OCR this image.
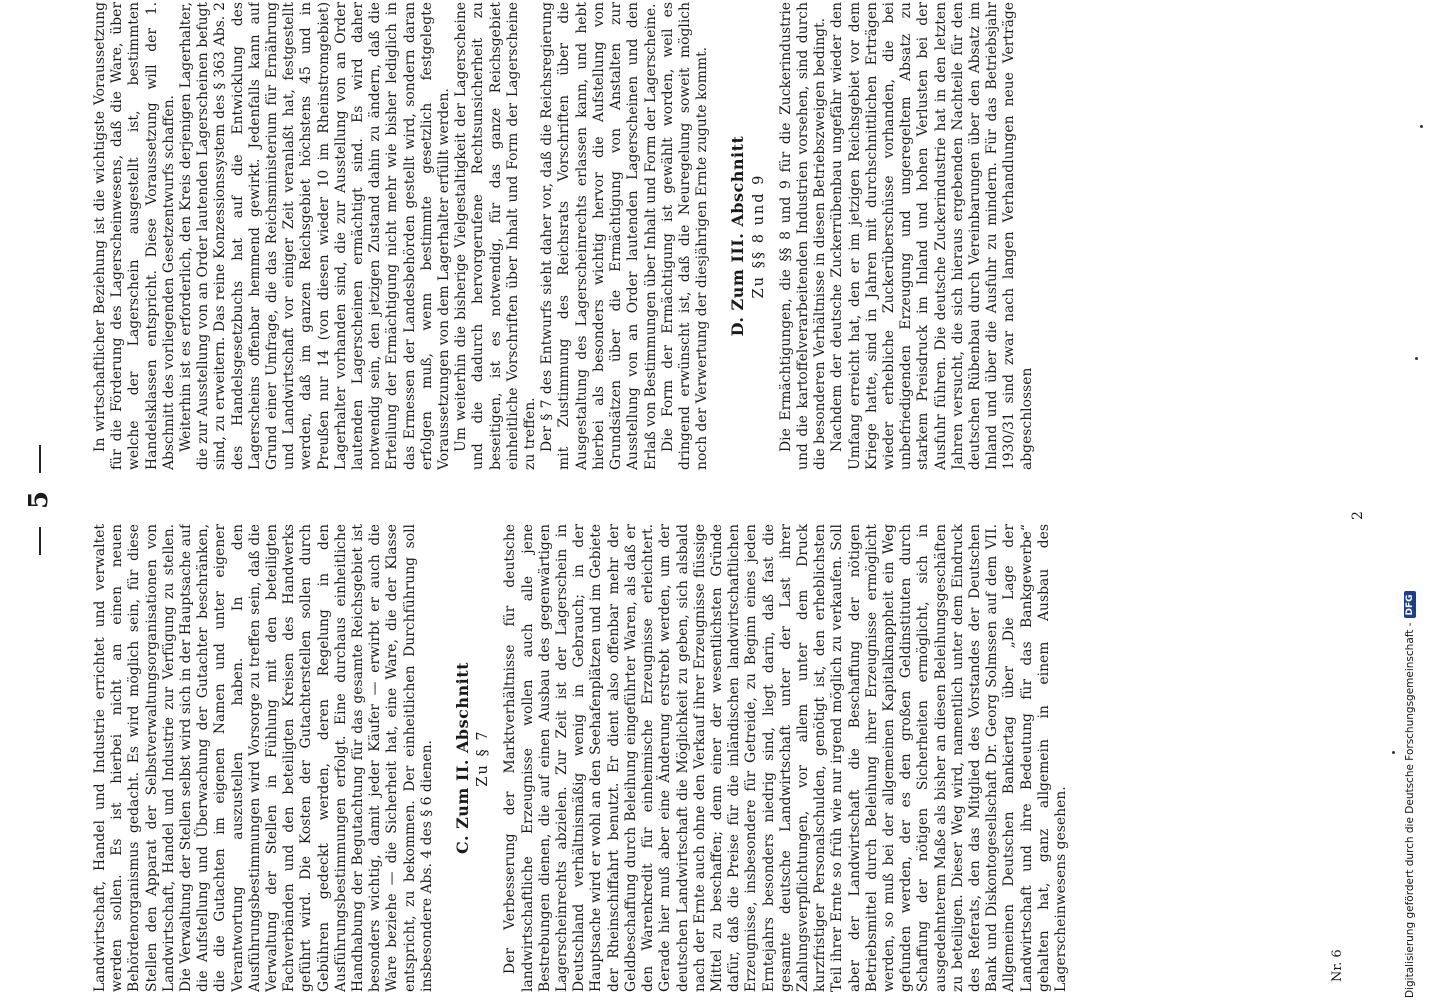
5

Landwirtschaft, Handel und Industrie errichtet und verwaltet werden sollen. Es ist hierbei nicht an einen neuen Behördenorganismus gedacht. Es wird möglich sein, für diese Stellen den Apparat der Selbstverwaltungsorganisationen von Landwirtschaft, Handel und Industrie zur Verfügung zu stellen. Die Verwaltung der Stellen selbst wird sich in der Hauptsache auf die Aufstellung und Überwachung der Gutachter beschränken, die die Gutachten im eigenen Namen und unter eigener Verantwortung auszustellen haben. In den Ausführungsbestimmungen wird Vorsorge zu treffen sein, daß die Verwaltung der Stellen in Fühlung mit den beteiligten Fachverbänden und den beteiligten Kreisen des Handwerks geführt wird. Die Kosten der Gutachterstellen sollen durch Gebühren gedeckt werden, deren Regelung in den Ausführungsbestimmungen erfolgt. Eine durchaus einheitliche Handhabung der Begutachtung für das gesamte Reichsgebiet ist besonders wichtig, damit jeder Käufer — erwirbt er auch die Ware beziehe — die Sicherheit hat, eine Ware, die der Klasse entspricht, zu bekommen. Der einheitlichen Durchführung soll insbesondere Abs. 4 des § 6 dienen. C. Zum II. Abschnitt Zu § 7 Der Verbesserung der Marktverhältnisse für deutsche landwirtschaftliche Erzeugnisse wollen auch alle jene Bestrebungen dienen, die auf einen Ausbau des gegenwärtigen Lagerscheinrechts abzielen. Zur Zeit ist der Lagerschein in Deutschland verhältnismäßig wenig in Gebrauch; in der Hauptsache wird er wohl an den Seehafenplätzen und im Gebiete der Rheinschiffahrt benutzt. Er dient also offenbar mehr der Geldbeschaffung durch Beleihung eingeführter Waren, als daß er den Warenkredit für einheimische Erzeugnisse erleichtert. Gerade hier muß aber eine Änderung erstrebt werden, um der deutschen Landwirtschaft die Möglichkeit zu geben, sich alsbald nach der Ernte auch ohne den Verkauf ihrer Erzeugnisse flüssige Mittel zu beschaffen; denn einer der wesentlichsten Gründe dafür, daß die Preise für die inländischen landwirtschaftlichen Erzeugnisse, insbesondere für Getreide, zu Beginn eines jeden Erntejahrs besonders niedrig sind, liegt darin, daß fast die gesamte deutsche Landwirtschaft unter der Last ihrer Zahlungsverpflichtungen, vor allem unter dem Druck kurzfristiger Personalschulden, genötigt ist, den erheblichsten Teil ihrer Ernte so früh wie nur irgend möglich zu verkaufen. Soll aber der Landwirtschaft die Beschaffung der nötigen Betriebsmittel durch Beleihung ihrer Erzeugnisse ermöglicht werden, so muß bei der allgemeinen Kapitalknappheit ein Weg gefunden werden, der es den großen Geldinstituten durch Schaffung der nötigen Sicherheiten ermöglicht, sich in ausgedehnterem Maße als bisher an diesen Beleihungsgeschäften zu beteiligen. Dieser Weg wird, namentlich unter dem Eindruck des Referats, den das Mitglied des Vorstandes der Deutschen Bank und Diskontogesellschaft Dr. Georg Solmssen auf dem VII. Allgemeinen Deutschen Bankiertag über „Die Lage der Landwirtschaft und ihre Bedeutung für das Bankgewerbe“ gehalten hat, ganz allgemein in einem Ausbau des Lagerscheinwesens gesehen.

In wirtschaftlicher Beziehung ist die wichtigste Voraussetzung für die Förderung des Lagerscheinwesens, daß die Ware, über welche der Lagerschein ausgestellt ist, bestimmten Handelsklassen entspricht. Diese Voraussetzung will der 1. Abschnitt des vorliegenden Gesetzentwurfs schaffen. Weiterhin ist es erforderlich, den Kreis derjenigen Lagerhalter, die zur Ausstellung von an Order lautenden Lagerscheinen befugt sind, zu erweitern. Das reine Konzessionssystem des § 363 Abs. 2 des Handelsgesetzbuchs hat auf die Entwicklung des Lagerscheins offenbar hemmend gewirkt. Jedenfalls kann auf Grund einer Umfrage, die das Reichsministerium für Ernährung und Landwirtschaft vor einiger Zeit veranlaßt hat, festgestellt werden, daß im ganzen Reichsgebiet höchstens 45 und in Preußen nur 14 (von diesen wieder 10 im Rheinstromgebiet) Lagerhalter vorhanden sind, die zur Ausstellung von an Order lautenden Lagerscheinen ermächtigt sind. Es wird daher notwendig sein, den jetzigen Zustand dahin zu ändern, daß die Erteilung der Ermächtigung nicht mehr wie bisher lediglich in das Ermessen der Landesbehörden gestellt wird, sondern daran erfolgen muß, wenn bestimmte gesetzlich festgelegte Voraussetzungen von dem Lagerhalter erfüllt werden. Um weiterhin die bisherige Vielgestaltigkeit der Lagerscheine und die dadurch hervorgerufene Rechtsunsicherheit zu beseitigen, ist es notwendig, für das ganze Reichsgebiet einheitliche Vorschriften über Inhalt und Form der Lagerscheine zu treffen. Der § 7 des Entwurfs sieht daher vor, daß die Reichsregierung mit Zustimmung des Reichsrats Vorschriften über die Ausgestaltung des Lagerscheinrechts erlassen kann, und hebt hierbei als besonders wichtig hervor die Aufstellung von Grundsätzen über die Ermächtigung von Anstalten zur Ausstellung von an Order lautenden Lagerscheinen und den Erlaß von Bestimmungen über Inhalt und Form der Lagerscheine. Die Form der Ermächtigung ist gewählt worden, weil es dringend erwünscht ist, daß die Neuregelung soweit möglich noch der Verwertung der diesjährigen Ernte zugute kommt. D. Zum III. Abschnitt Zu §§ 8 und 9 Die Ermächtigungen, die §§ 8 und 9 für die Zuckerindustrie und die kartoffelverarbeitenden Industrien vorsehen, sind durch die besonderen Verhältnisse in diesen Betriebszweigen bedingt. Nachdem der deutsche Zuckerrübenbau ungefähr wieder den Umfang erreicht hat, den er im jetzigen Reichsgebiet vor dem Kriege hatte, sind in Jahren mit durchschnittlichen Erträgen wieder erhebliche Zuckerüberschüsse vorhanden, die bei unbefriedigenden Erzeugung und ungeregeltem Absatz zu starkem Preisdruck im Inland und hohen Verlusten bei der Ausfuhr führen. Die deutsche Zuckerindustrie hat in den letzten Jahren versucht, die sich hieraus ergebenden Nachteile für den deutschen Rübenbau durch Vereinbarungen über den Absatz im Inland und über die Ausfuhr zu mindern. Für das Betriebsjahr 1930/31 sind zwar nach langen Verhandlungen neue Verträge abgeschlossen

Nr. 6
2
Digitalisierung gefördert durch die Deutsche Forschungsgemeinschaft -DFG
